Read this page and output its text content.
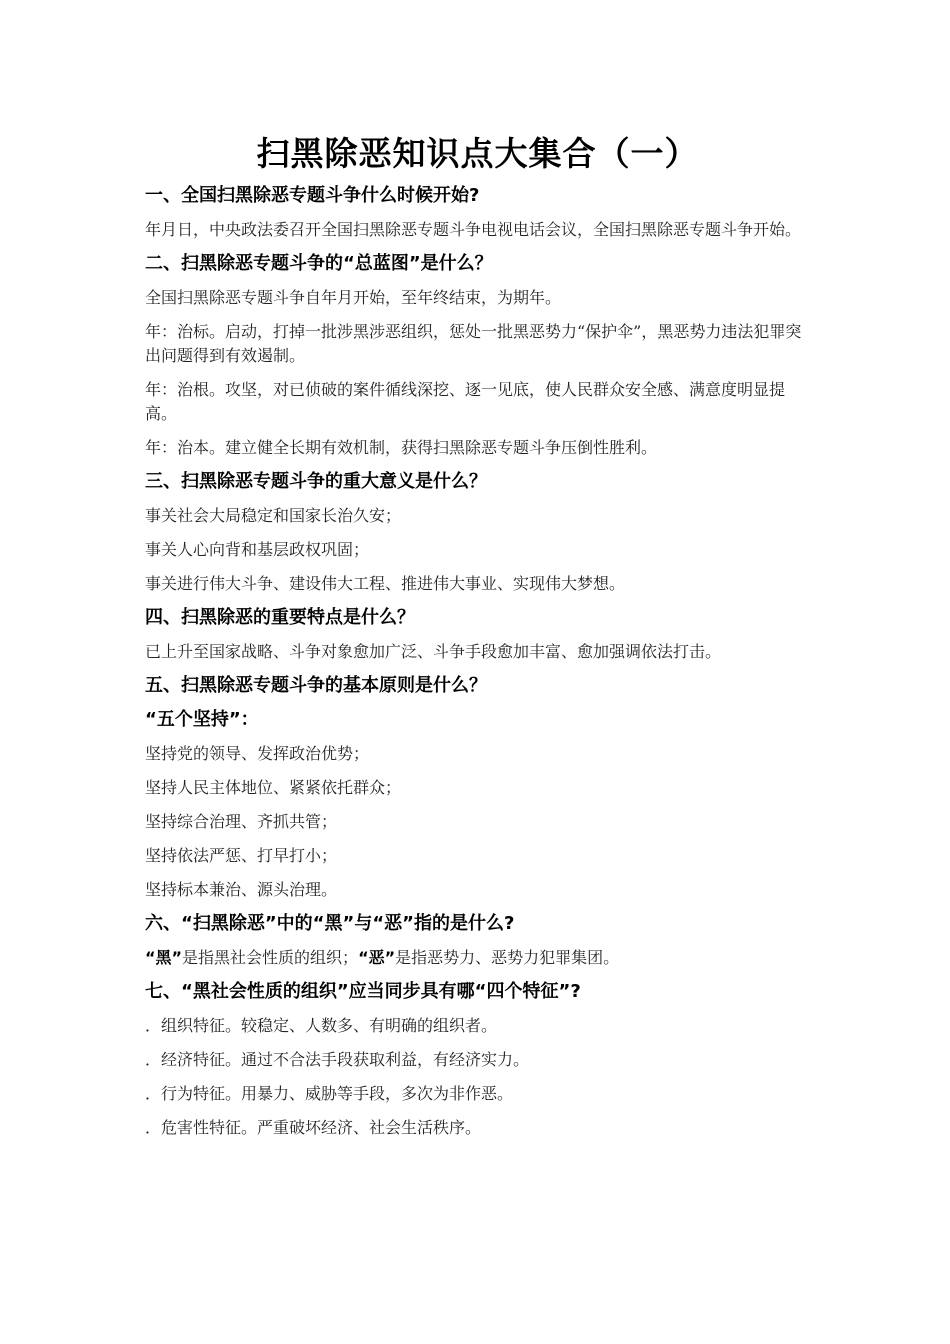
扫黑除恶知识点大集合（一）
一、全国扫黑除恶专题斗争什么时候开始?
年月日，中央政法委召开全国扫黑除恶专题斗争电视电话会议，全国扫黑除恶专题斗争开始。
二、扫黑除恶专题斗争的“总蓝图”是什么？
全国扫黑除恶专题斗争自年月开始，至年终结束，为期年。
年：治标。启动，打掉一批涉黑涉恶组织，惩处一批黑恶势力“保护伞”，黑恶势力违法犯罪突出问题得到有效遏制。
年：治根。攻坚，对已侦破的案件循线深挖、逐一见底，使人民群众安全感、满意度明显提高。
年：治本。建立健全长期有效机制，获得扫黑除恶专题斗争压倒性胜利。
三、扫黑除恶专题斗争的重大意义是什么？
事关社会大局稳定和国家长治久安；
事关人心向背和基层政权巩固；
事关进行伟大斗争、建设伟大工程、推进伟大事业、实现伟大梦想。
四、扫黑除恶的重要特点是什么？
已上升至国家战略、斗争对象愈加广泛、斗争手段愈加丰富、愈加强调依法打击。
五、扫黑除恶专题斗争的基本原则是什么？
“五个坚持”：
坚持党的领导、发挥政治优势；
坚持人民主体地位、紧紧依托群众；
坚持综合治理、齐抓共管；
坚持依法严惩、打早打小；
坚持标本兼治、源头治理。
六、“扫黑除恶”中的“黑”与“恶”指的是什么?
“黑”是指黑社会性质的组织；“恶”是指恶势力、恶势力犯罪集团。
七、“黑社会性质的组织”应当同步具有哪“四个特征”?
．组织特征。较稳定、人数多、有明确的组织者。
．经济特征。通过不合法手段获取利益，有经济实力。
．行为特征。用暴力、威胁等手段，多次为非作恶。
．危害性特征。严重破坏经济、社会生活秩序。
